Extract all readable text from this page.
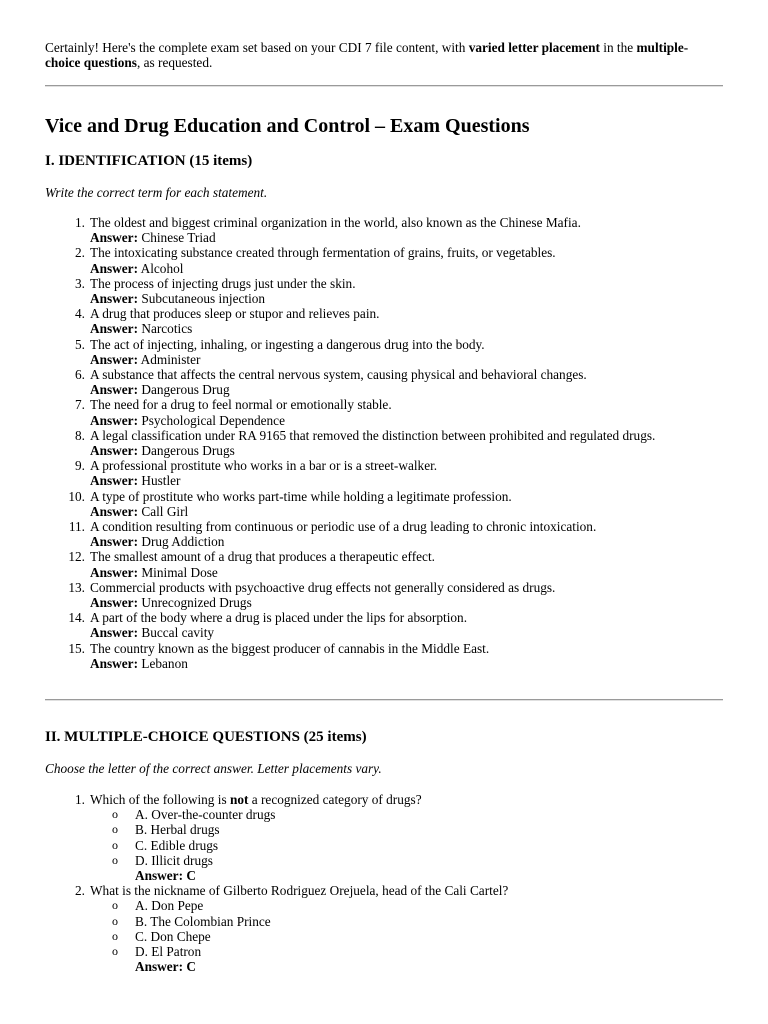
Certainly! Here's the complete exam set based on your CDI 7 file content, with varied letter placement in the multiple-choice questions, as requested.

Vice and Drug Education and Control – Exam Questions
I. IDENTIFICATION (15 items)

Write the correct term for each statement.

1. The oldest and biggest criminal organization in the world, also known as the Chinese Mafia.
Answer: Chinese Triad
2. The intoxicating substance created through fermentation of grains, fruits, or vegetables.
Answer: Alcohol
3. The process of injecting drugs just under the skin.
Answer: Subcutaneous injection
4. A drug that produces sleep or stupor and relieves pain.
Answer: Narcotics
5. The act of injecting, inhaling, or ingesting a dangerous drug into the body.
Answer: Administer
6. A substance that affects the central nervous system, causing physical and behavioral changes.
Answer: Dangerous Drug
7. The need for a drug to feel normal or emotionally stable.
Answer: Psychological Dependence
8. A legal classification under RA 9165 that removed the distinction between prohibited and regulated drugs.
Answer: Dangerous Drugs
9. A professional prostitute who works in a bar or is a street-walker.
Answer: Hustler
10. A type of prostitute who works part-time while holding a legitimate profession.
Answer: Call Girl
11. A condition resulting from continuous or periodic use of a drug leading to chronic intoxication.
Answer: Drug Addiction
12. The smallest amount of a drug that produces a therapeutic effect.
Answer: Minimal Dose
13. Commercial products with psychoactive drug effects not generally considered as drugs.
Answer: Unrecognized Drugs
14. A part of the body where a drug is placed under the lips for absorption.
Answer: Buccal cavity
15. The country known as the biggest producer of cannabis in the Middle East.
Answer: Lebanon
II. MULTIPLE-CHOICE QUESTIONS (25 items)

Choose the letter of the correct answer. Letter placements vary.

1. Which of the following is not a recognized category of drugs?
o A. Over-the-counter drugs
o B. Herbal drugs
o C. Edible drugs
o D. Illicit drugs
Answer: C
2. What is the nickname of Gilberto Rodriguez Orejuela, head of the Cali Cartel?
o A. Don Pepe
o B. The Colombian Prince
o C. Don Chepe
o D. El Patron
Answer: C
